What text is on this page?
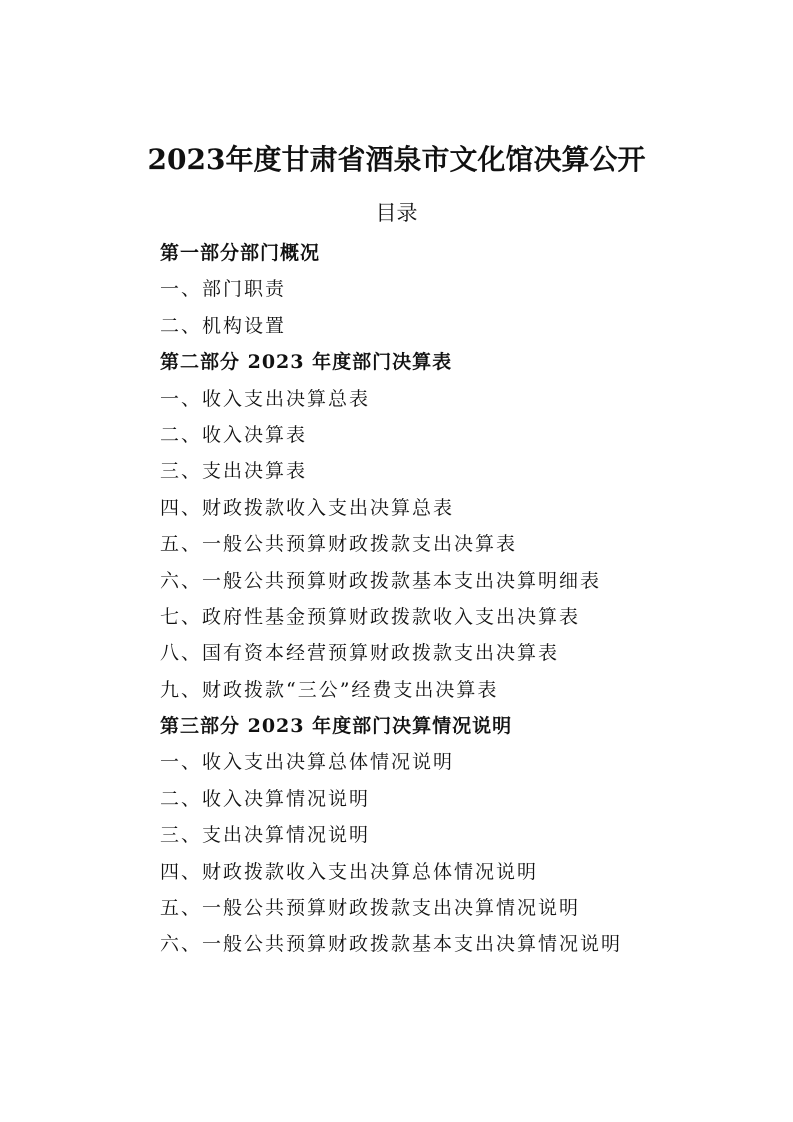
2023年度甘肃省酒泉市文化馆决算公开
目录
第一部分部门概况
一、部门职责
二、机构设置
第二部分 2023 年度部门决算表
一、收入支出决算总表
二、收入决算表
三、支出决算表
四、财政拨款收入支出决算总表
五、一般公共预算财政拨款支出决算表
六、一般公共预算财政拨款基本支出决算明细表
七、政府性基金预算财政拨款收入支出决算表
八、国有资本经营预算财政拨款支出决算表
九、财政拨款“三公”经费支出决算表
第三部分 2023 年度部门决算情况说明
一、收入支出决算总体情况说明
二、收入决算情况说明
三、支出决算情况说明
四、财政拨款收入支出决算总体情况说明
五、一般公共预算财政拨款支出决算情况说明
六、一般公共预算财政拨款基本支出决算情况说明
